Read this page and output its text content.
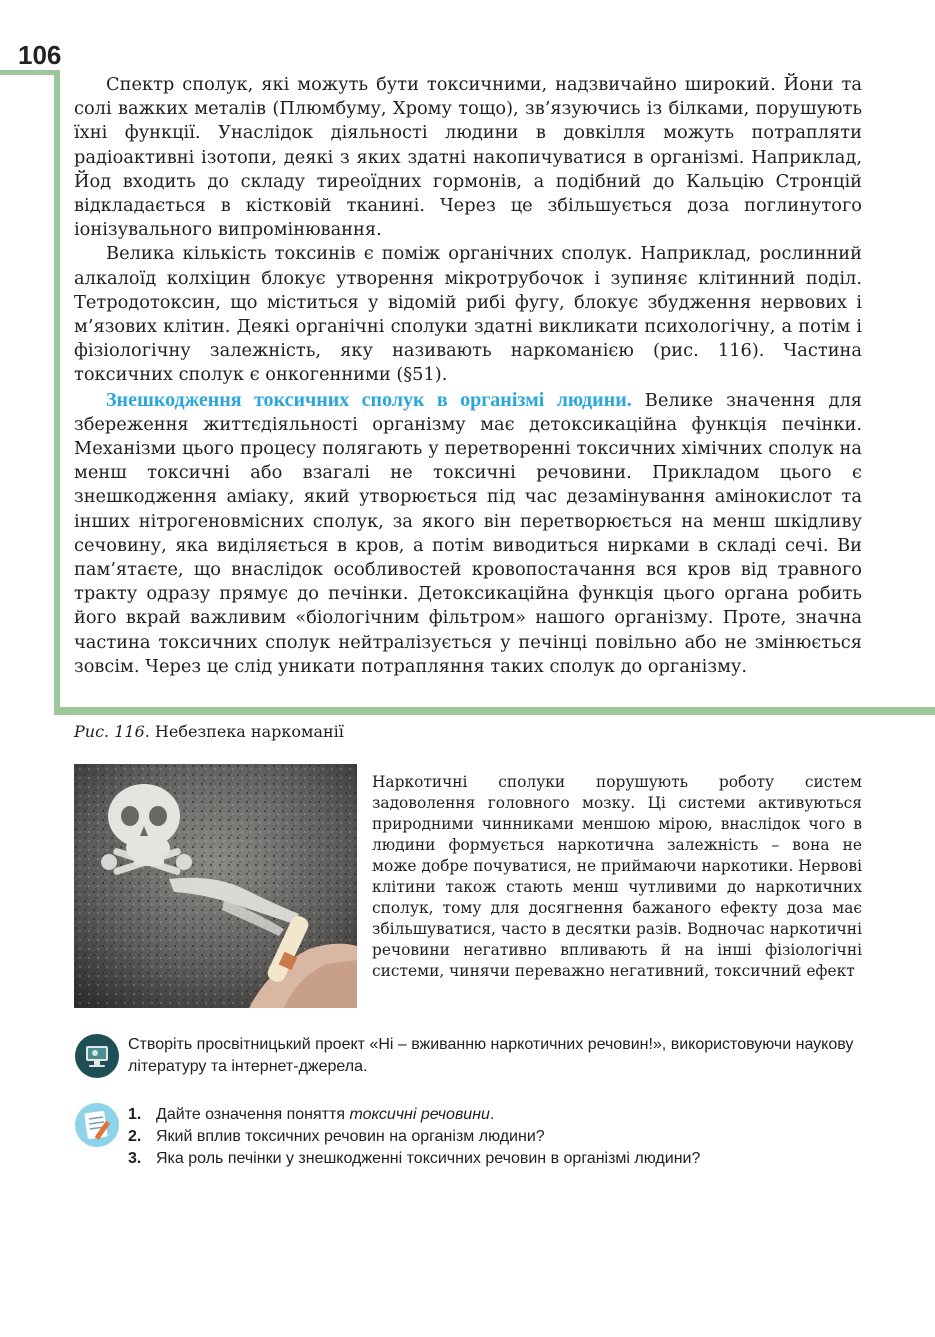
106

Спектр сполук, які можуть бути токсичними, надзвичайно широкий. Йони та солі важких металів (Плюмбуму, Хрому тощо), зв’язуючись із білками, порушують їхні функції. Унаслідок діяльності людини в довкілля можуть потрапляти радіоактивні ізотопи, деякі з яких здатні накопичуватися в організмі. Наприклад, Йод входить до складу тиреоїдних гормонів, а подібний до Кальцію Стронцій відкладається в кістковій тканині. Через це збільшується доза поглинутого іонізувального випромінювання.

Велика кількість токсинів є поміж органічних сполук. Наприклад, рослинний алкалоїд колхіцин блокує утворення мікротрубочок і зупиняє клітинний поділ. Тетродотоксин, що міститься у відомій рибі фугу, блокує збудження нервових і м’язових клітин. Деякі органічні сполуки здатні викликати психологічну, а потім і фізіологічну залежність, яку називають наркоманією (рис. 116). Частина токсичних сполук є онкогенними (§51).

Знешкодження токсичних сполук в організмі людини. Велике значення для збереження життєдіяльності організму має детоксикаційна функція печінки. Механізми цього процесу полягають у перетворенні токсичних хімічних сполук на менш токсичні або взагалі не токсичні речовини. Прикладом цього є знешкодження аміаку, який утворюється під час дезамінування амінокислот та інших нітрогеновмісних сполук, за якого він перетворюється на менш шкідливу сечовину, яка виділяється в кров, а потім виводиться нирками в складі сечі. Ви пам’ятаєте, що внаслідок особливостей кровопостачання вся кров від травного тракту одразу прямує до печінки. Детоксикаційна функція цього органа робить його вкрай важливим «біологічним фільтром» нашого організму. Проте, значна частина токсичних сполук нейтралізується у печінці повільно або не змінюється зовсім. Через це слід уникати потрапляння таких сполук до організму.

Рис. 116. Небезпека наркоманії
Наркотичні сполуки порушують роботу систем задоволення головного мозку. Ці системи активуються природними чинниками меншою мірою, внаслідок чого в людини формується наркотична залежність – вона не може добре почуватися, не приймаючи наркотики. Нервові клітини також стають менш чутливими до наркотичних сполук, тому для досягнення бажаного ефекту доза має збільшуватися, часто в десятки разів. Водночас наркотичні речовини негативно впливають й на інші фізіологічні системи, чинячи переважно негативний, токсичний ефект
Створіть просвітницький проект «Ні – вживанню наркотичних речовин!», використовуючи наукову літературу та інтернет-джерела.
1. Дайте означення поняття токсичні речовини.
2. Який вплив токсичних речовин на організм людини?
3. Яка роль печінки у знешкодженні токсичних речовин в організмі людини?
